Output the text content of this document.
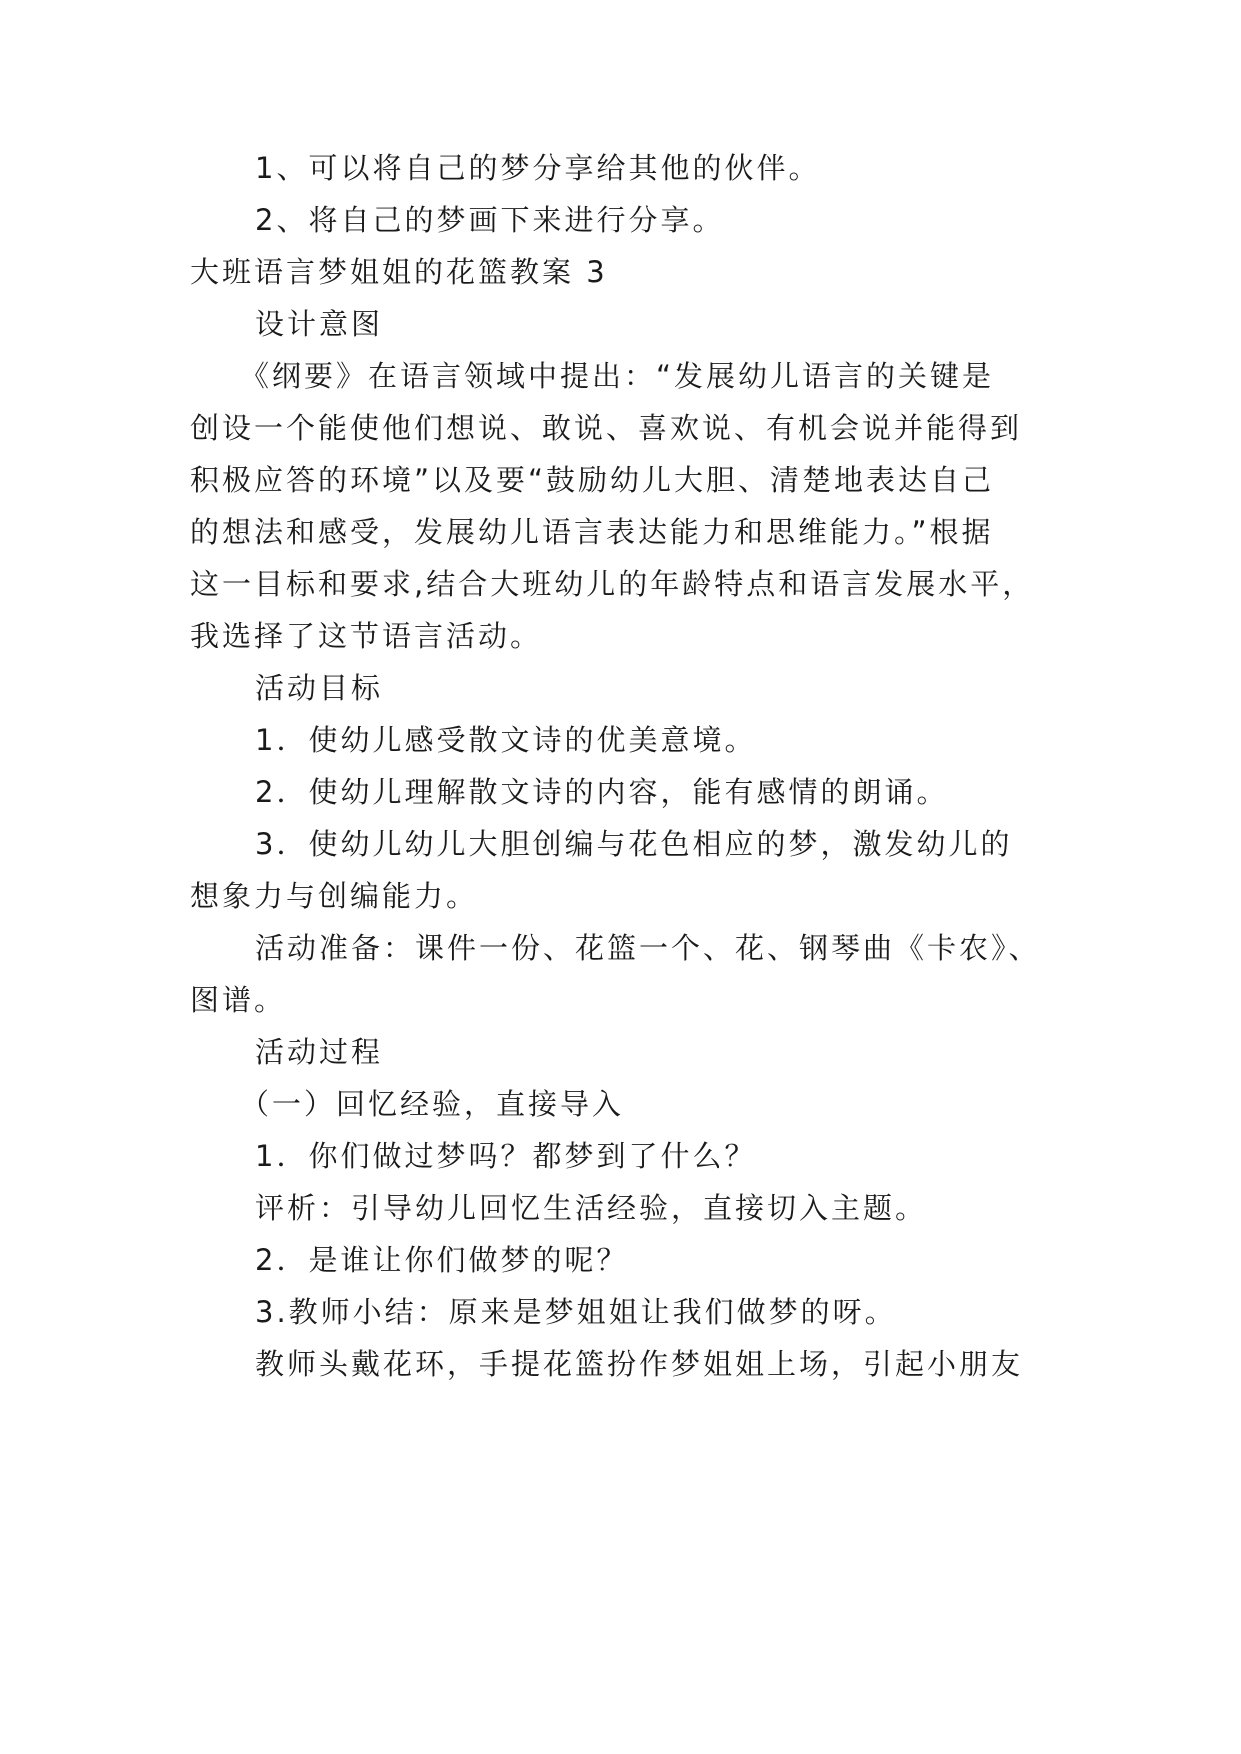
1、可以将自己的梦分享给其他的伙伴。
2、将自己的梦画下来进行分享。
大班语言梦姐姐的花篮教案 3
设计意图
《纲要》在语言领域中提出：“发展幼儿语言的关键是
创设一个能使他们想说、敢说、喜欢说、有机会说并能得到
积极应答的环境”以及要“鼓励幼儿大胆、清楚地表达自己
的想法和感受，发展幼儿语言表达能力和思维能力。”根据
这一目标和要求,结合大班幼儿的年龄特点和语言发展水平，
我选择了这节语言活动。
活动目标
1．使幼儿感受散文诗的优美意境。
2．使幼儿理解散文诗的内容，能有感情的朗诵。
3．使幼儿幼儿大胆创编与花色相应的梦，激发幼儿的
想象力与创编能力。
活动准备：课件一份、花篮一个、花、钢琴曲《卡农》、
图谱。
活动过程
（一）回忆经验，直接导入
1．你们做过梦吗？都梦到了什么？
评析：引导幼儿回忆生活经验，直接切入主题。
2．是谁让你们做梦的呢？
3.教师小结：原来是梦姐姐让我们做梦的呀。
教师头戴花环，手提花篮扮作梦姐姐上场，引起小朋友
